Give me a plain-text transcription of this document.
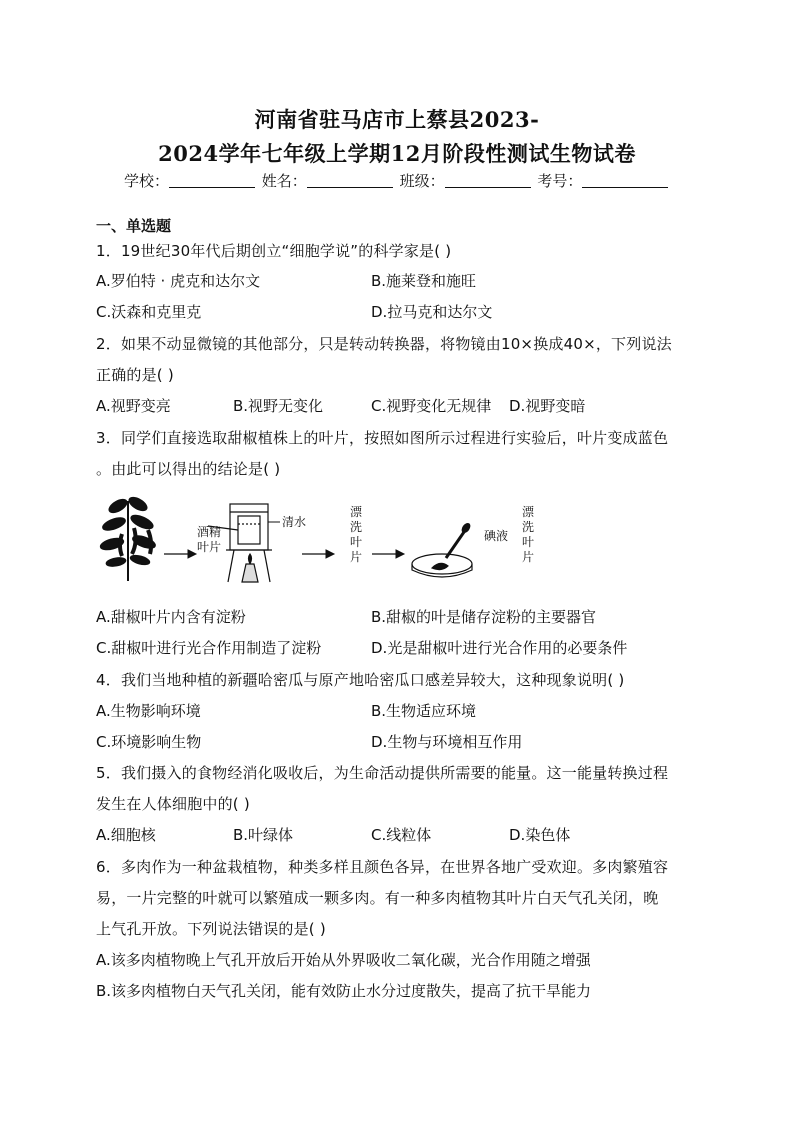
河南省驻马店市上蔡县2023-
2024学年七年级上学期12月阶段性测试生物试卷
学校：	姓名：	班级：	考号：
一、单选题
1．19世纪30年代后期创立“细胞学说”的科学家是( )
A.罗伯特 · 虎克和达尔文	B.施莱登和施旺
C.沃森和克里克	D.拉马克和达尔文
2．如果不动显微镜的其他部分，只是转动转换器，将物镜由10×换成40×，下列说法
正确的是( )
A.视野变亮	B.视野无变化	C.视野变化无规律 D.视野变暗
3．同学们直接选取甜椒植株上的叶片，按照如图所示过程进行实验后，叶片变成蓝色
。由此可以得出的结论是( )
酒精
叶片
清水
漂
洗
叶
片
碘液
漂
洗
叶
片
A.甜椒叶片内含有淀粉	B.甜椒的叶是储存淀粉的主要器官
C.甜椒叶进行光合作用制造了淀粉	D.光是甜椒叶进行光合作用的必要条件
4．我们当地种植的新疆哈密瓜与原产地哈密瓜口感差异较大，这种现象说明( )
A.生物影响环境	B.生物适应环境
C.环境影响生物	D.生物与环境相互作用
5．我们摄入的食物经消化吸收后，为生命活动提供所需要的能量。这一能量转换过程
发生在人体细胞中的( )
A.细胞核	B.叶绿体	C.线粒体	D.染色体
6．多肉作为一种盆栽植物，种类多样且颜色各异，在世界各地广受欢迎。多肉繁殖容
易，一片完整的叶就可以繁殖成一颗多肉。有一种多肉植物其叶片白天气孔关闭，晚
上气孔开放。下列说法错误的是( )
A.该多肉植物晚上气孔开放后开始从外界吸收二氧化碳，光合作用随之增强
B.该多肉植物白天气孔关闭，能有效防止水分过度散失，提高了抗干旱能力
